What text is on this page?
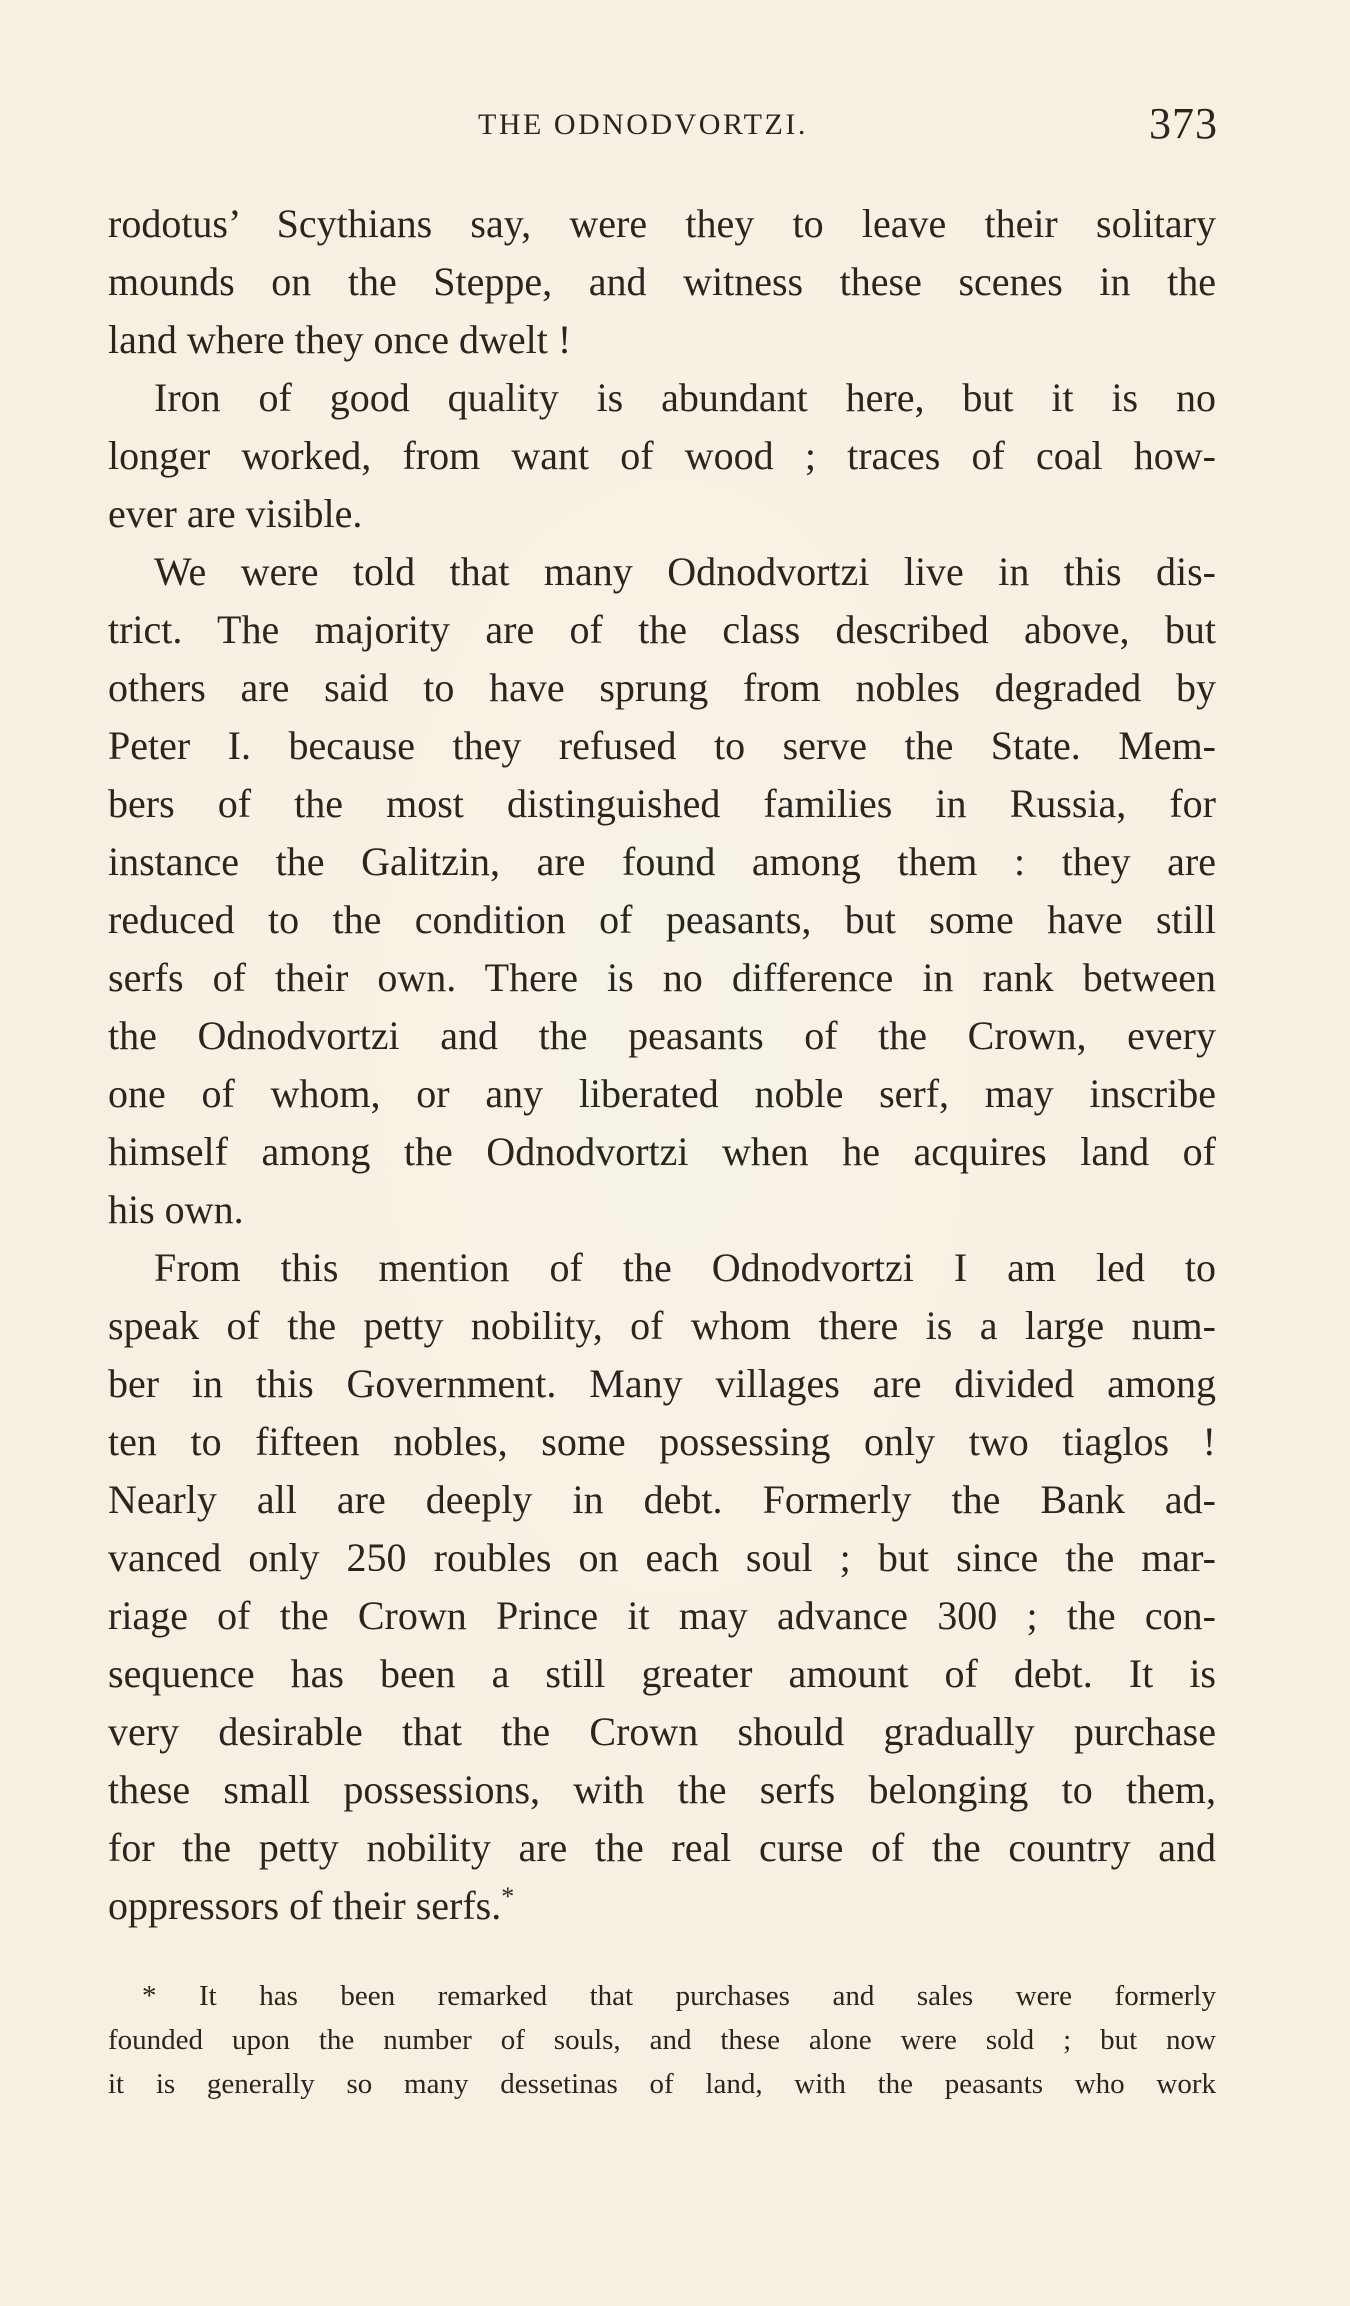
THE ODNODVORTZI.	373
rodotus’ Scythians say, were they to leave their solitary
mounds on the Steppe, and witness these scenes in the
land where they once dwelt !
Iron of good quality is abundant here, but it is no
longer worked, from want of wood ; traces of coal how-
ever are visible.
We were told that many Odnodvortzi live in this dis-
trict. The majority are of the class described above, but
others are said to have sprung from nobles degraded by
Peter I. because they refused to serve the State. Mem-
bers of the most distinguished families in Russia, for
instance the Galitzin, are found among them : they are
reduced to the condition of peasants, but some have still
serfs of their own. There is no difference in rank between
the Odnodvortzi and the peasants of the Crown, every
one of whom, or any liberated noble serf, may inscribe
himself among the Odnodvortzi when he acquires land of
his own.
From this mention of the Odnodvortzi I am led to
speak of the petty nobility, of whom there is a large num-
ber in this Government. Many villages are divided among
ten to fifteen nobles, some possessing only two tiaglos !
Nearly all are deeply in debt. Formerly the Bank ad-
vanced only 250 roubles on each soul ; but since the mar-
riage of the Crown Prince it may advance 300 ; the con-
sequence has been a still greater amount of debt. It is
very desirable that the Crown should gradually purchase
these small possessions, with the serfs belonging to them,
for the petty nobility are the real curse of the country and
oppressors of their serfs.*
* It has been remarked that purchases and sales were formerly
founded upon the number of souls, and these alone were sold ; but now
it is generally so many dessetinas of land, with the peasants who work
